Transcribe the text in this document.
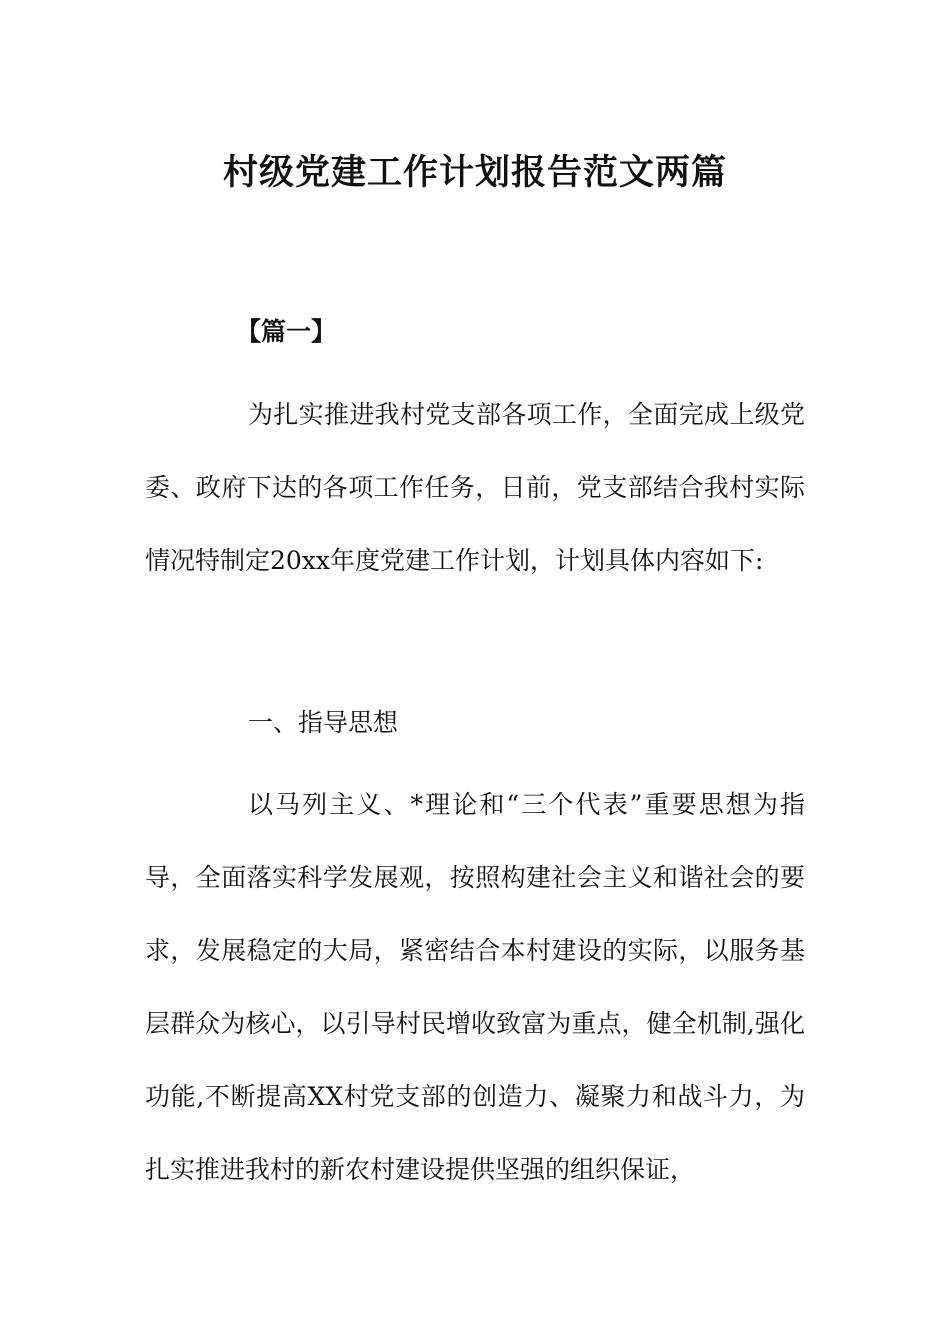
村级党建工作计划报告范文两篇
【篇一】

为扎实推进我村党支部各项工作，全面完成上级党委、政府下达的各项工作任务，日前，党支部结合我村实际情况特制定20xx年度党建工作计划，计划具体内容如下:

一、指导思想

以马列主义、*理论和“三个代表”重要思想为指导，全面落实科学发展观，按照构建社会主义和谐社会的要求，发展稳定的大局，紧密结合本村建设的实际，以服务基层群众为核心，以引导村民增收致富为重点，健全机制,强化功能,不断提高XX村党支部的创造力、凝聚力和战斗力，为扎实推进我村的新农村建设提供坚强的组织保证，
